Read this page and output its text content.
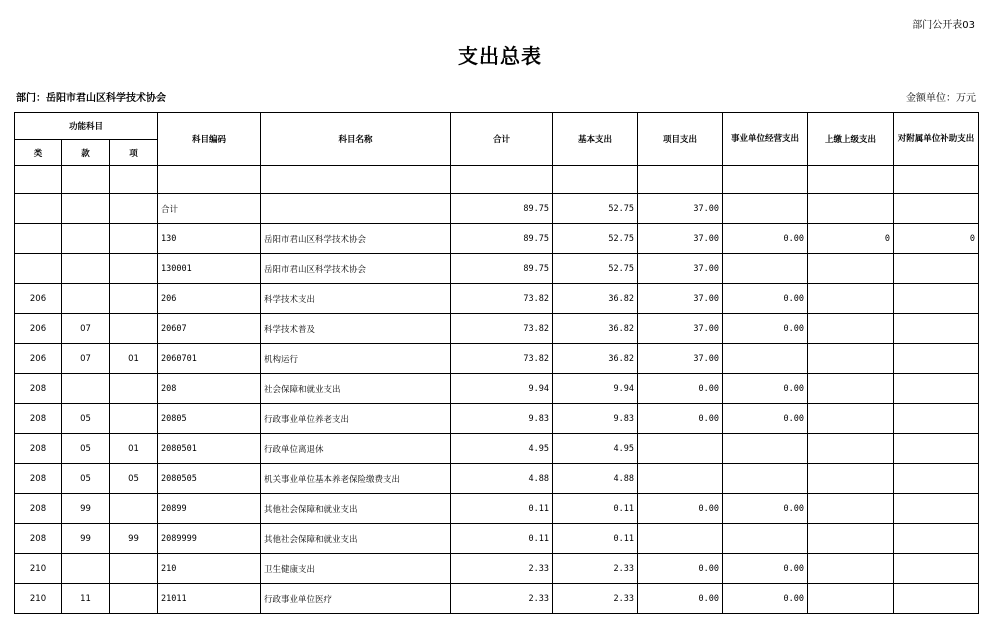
部门公开表03
支出总表
部门：岳阳市君山区科学技术协会	金额单位：万元
功能科目			科目编码	科目名称	合计	基本支出	项目支出	事业单位经营支出	上缴上级支出	对附属单位补助支出
类	款	项								

			合计		89.75	52.75	37.00			
			130	岳阳市君山区科学技术协会	89.75	52.75	37.00	0.00	0	0
			130001	岳阳市君山区科学技术协会	89.75	52.75	37.00			
206			206	科学技术支出	73.82	36.82	37.00	0.00		
206	07		20607	科学技术普及	73.82	36.82	37.00	0.00		
206	07	01	2060701	机构运行	73.82	36.82	37.00			
208			208	社会保障和就业支出	9.94	9.94	0.00	0.00		
208	05		20805	行政事业单位养老支出	9.83	9.83	0.00	0.00		
208	05	01	2080501	行政单位离退休	4.95	4.95				
208	05	05	2080505	机关事业单位基本养老保险缴费支出	4.88	4.88				
208	99		20899	其他社会保障和就业支出	0.11	0.11	0.00	0.00		
208	99	99	2089999	其他社会保障和就业支出	0.11	0.11				
210			210	卫生健康支出	2.33	2.33	0.00	0.00		
210	11		21011	行政事业单位医疗	2.33	2.33	0.00	0.00		
